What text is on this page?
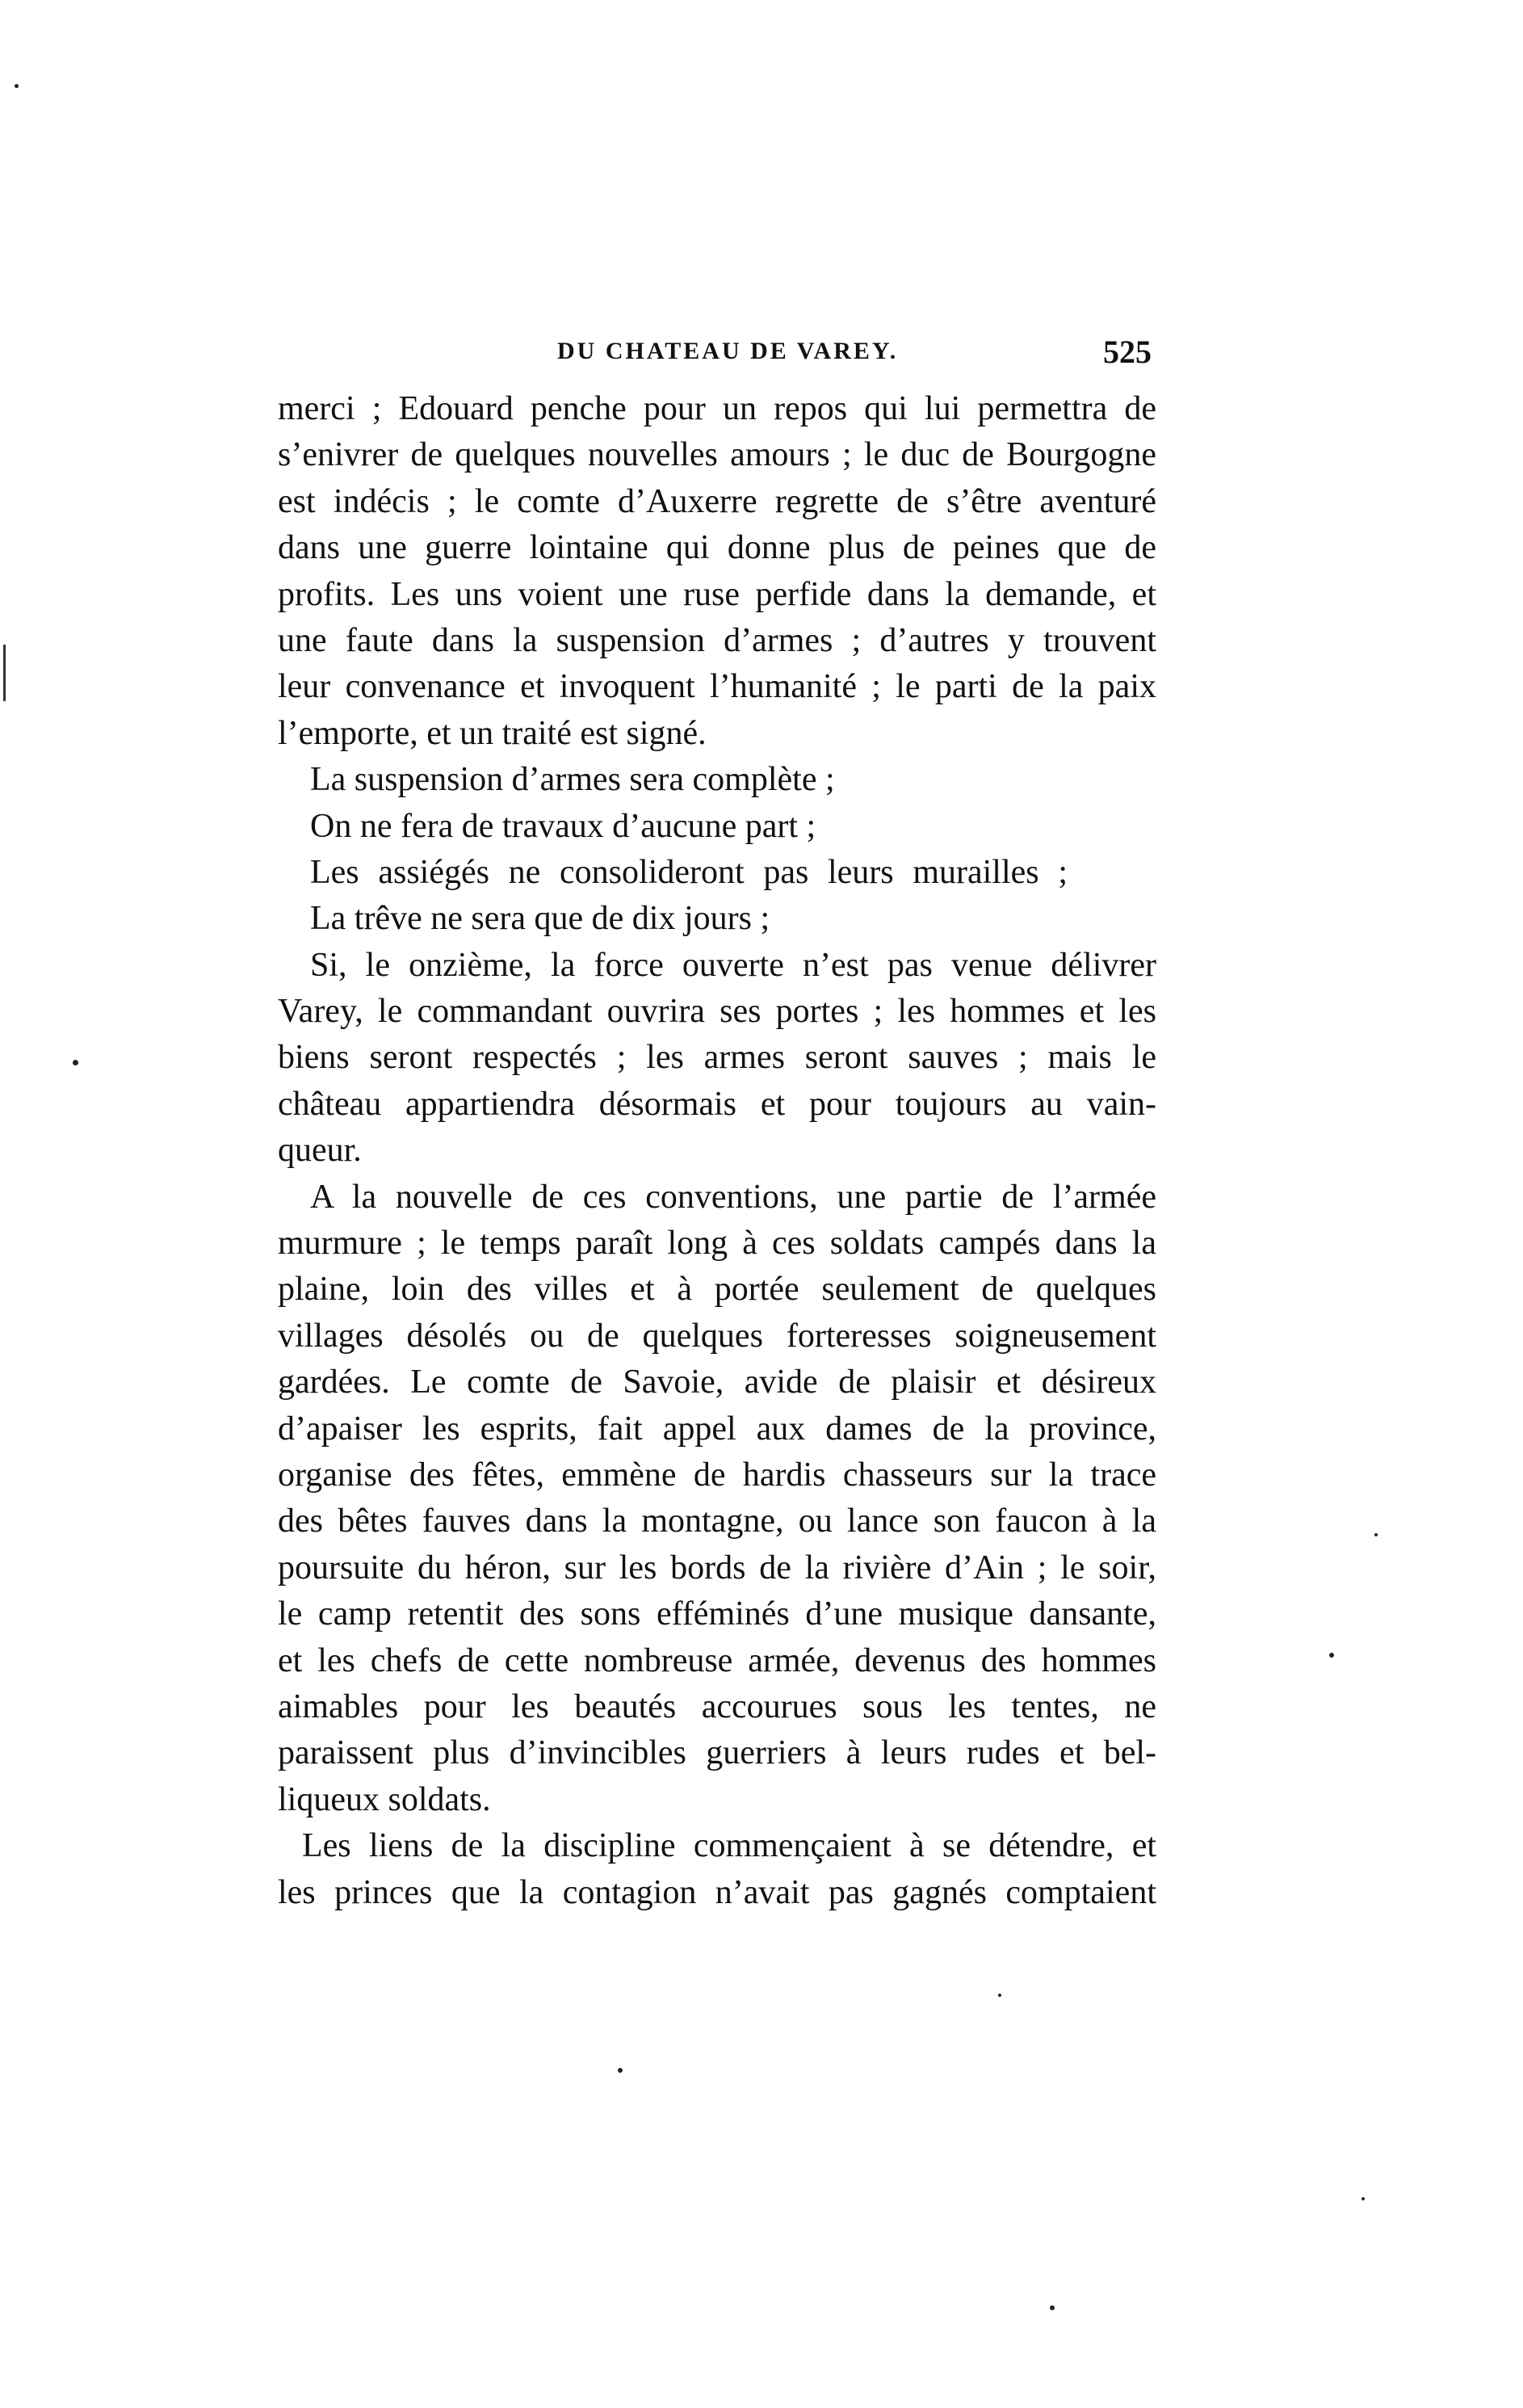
DU CHATEAU DE VAREY.	525
merci ; Edouard penche pour un repos qui lui permettra de
s’enivrer de quelques nouvelles amours ; le duc de Bourgogne
est indécis ; le comte d’Auxerre regrette de s’être aventuré
dans une guerre lointaine qui donne plus de peines que de
profits. Les uns voient une ruse perfide dans la demande, et
une faute dans la suspension d’armes ; d’autres y trouvent
leur convenance et invoquent l’humanité ; le parti de la paix
l’emporte, et un traité est signé.
La suspension d’armes sera complète ;
On ne fera de travaux d’aucune part ;
Les assiégés ne consolideront pas leurs murailles ;
La trêve ne sera que de dix jours ;
Si, le onzième, la force ouverte n’est pas venue délivrer
Varey, le commandant ouvrira ses portes ; les hommes et les
biens seront respectés ; les armes seront sauves ; mais le
château appartiendra désormais et pour toujours au vain-
queur.
A la nouvelle de ces conventions, une partie de l’armée
murmure ; le temps paraît long à ces soldats campés dans la
plaine, loin des villes et à portée seulement de quelques
villages désolés ou de quelques forteresses soigneusement
gardées. Le comte de Savoie, avide de plaisir et désireux
d’apaiser les esprits, fait appel aux dames de la province,
organise des fêtes, emmène de hardis chasseurs sur la trace
des bêtes fauves dans la montagne, ou lance son faucon à la
poursuite du héron, sur les bords de la rivière d’Ain ; le soir,
le camp retentit des sons efféminés d’une musique dansante,
et les chefs de cette nombreuse armée, devenus des hommes
aimables pour les beautés accourues sous les tentes, ne
paraissent plus d’invincibles guerriers à leurs rudes et bel-
liqueux soldats.
Les liens de la discipline commençaient à se détendre, et
les princes que la contagion n’avait pas gagnés comptaient
